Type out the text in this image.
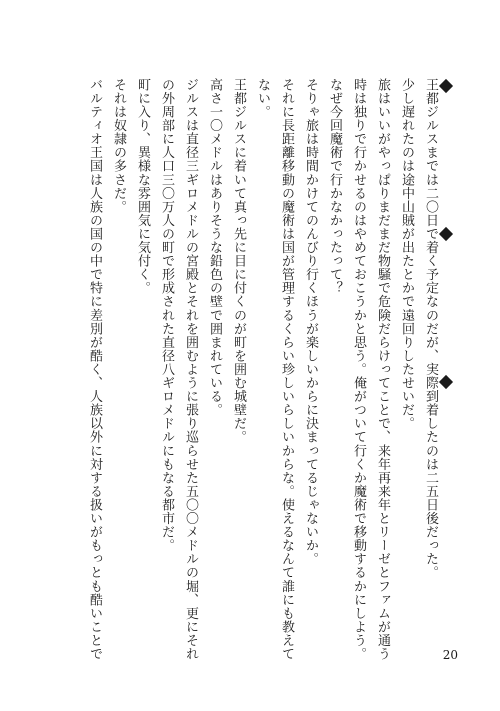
王都ジルスまでは二〇日で着く予定なのだが、実際到着したのは二五日後だった。
少し遅れたのは途中山賊が出たとかで遠回りしたせいだ。
旅はいいがやっぱりまだまだ物騒で危険だらけってことで、来年再来年とリーゼとファムが通う
時は独りで行かせるのはやめておこうかと思う。俺がついて行くか魔術で移動するかにしよう。
なぜ今回魔術で行かなかったって？
そりゃ旅は時間かけてのんびり行くほうが楽しいからに決まってるじゃないか。
それに長距離移動の魔術は国が管理するくらい珍しいらしいからな。使えるなんて誰にも教えて
ない。
王都ジルスに着いて真っ先に目に付くのが町を囲む城壁だ。
高さ一〇メドルはありそうな鉛色の壁で囲まれている。
ジルスは直径三ギロメドルの宮殿とそれを囲むように張り巡らせた五〇〇メドルの堀、更にそれ
の外周部に人口三〇万人の町で形成された直径八ギロメドルにもなる都市だ。
町に入り、異様な雰囲気に気付く。
それは奴隷の多さだ。
バルティオ王国は人族の国の中で特に差別が酷く、人族以外に対する扱いがもっとも酷いことで	20
